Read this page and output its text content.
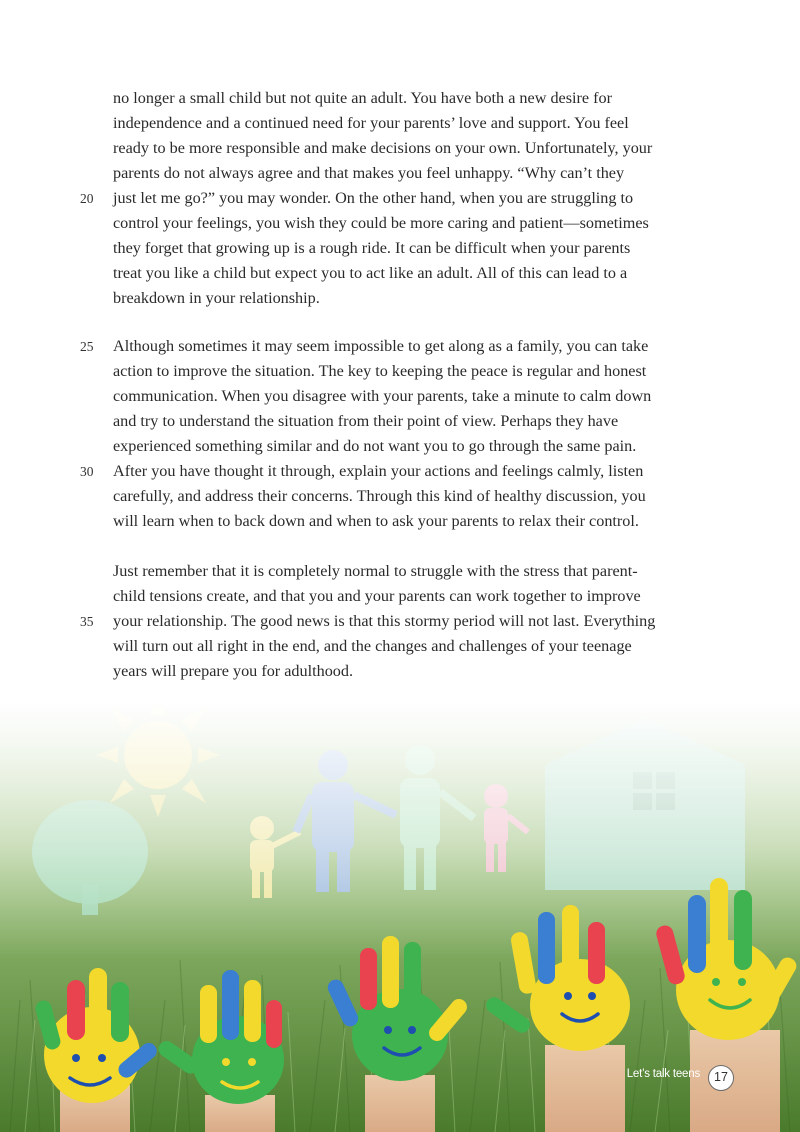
no longer a small child but not quite an adult. You have both a new desire for
independence and a continued need for your parents’ love and support. You feel
ready to be more responsible and make decisions on your own. Unfortunately, your
parents do not always agree and that makes you feel unhappy. “Why can’t they
just let me go?” you may wonder. On the other hand, when you are struggling to
20
control your feelings, you wish they could be more caring and patient—sometimes
they forget that growing up is a rough ride. It can be difficult when your parents
treat you like a child but expect you to act like an adult. All of this can lead to a
breakdown in your relationship.
Although sometimes it may seem impossible to get along as a family, you can take
25
action to improve the situation. The key to keeping the peace is regular and honest
communication. When you disagree with your parents, take a minute to calm down
and try to understand the situation from their point of view. Perhaps they have
experienced something similar and do not want you to go through the same pain.
After you have thought it through, explain your actions and feelings calmly, listen
30
carefully, and address their concerns. Through this kind of healthy discussion, you
will learn when to back down and when to ask your parents to relax their control.
Just remember that it is completely normal to struggle with the stress that parent-
child tensions create, and that you and your parents can work together to improve
your relationship. The good news is that this stormy period will not last. Everything
35
will turn out all right in the end, and the changes and challenges of your teenage
years will prepare you for adulthood.
Let’s talk teens	17
